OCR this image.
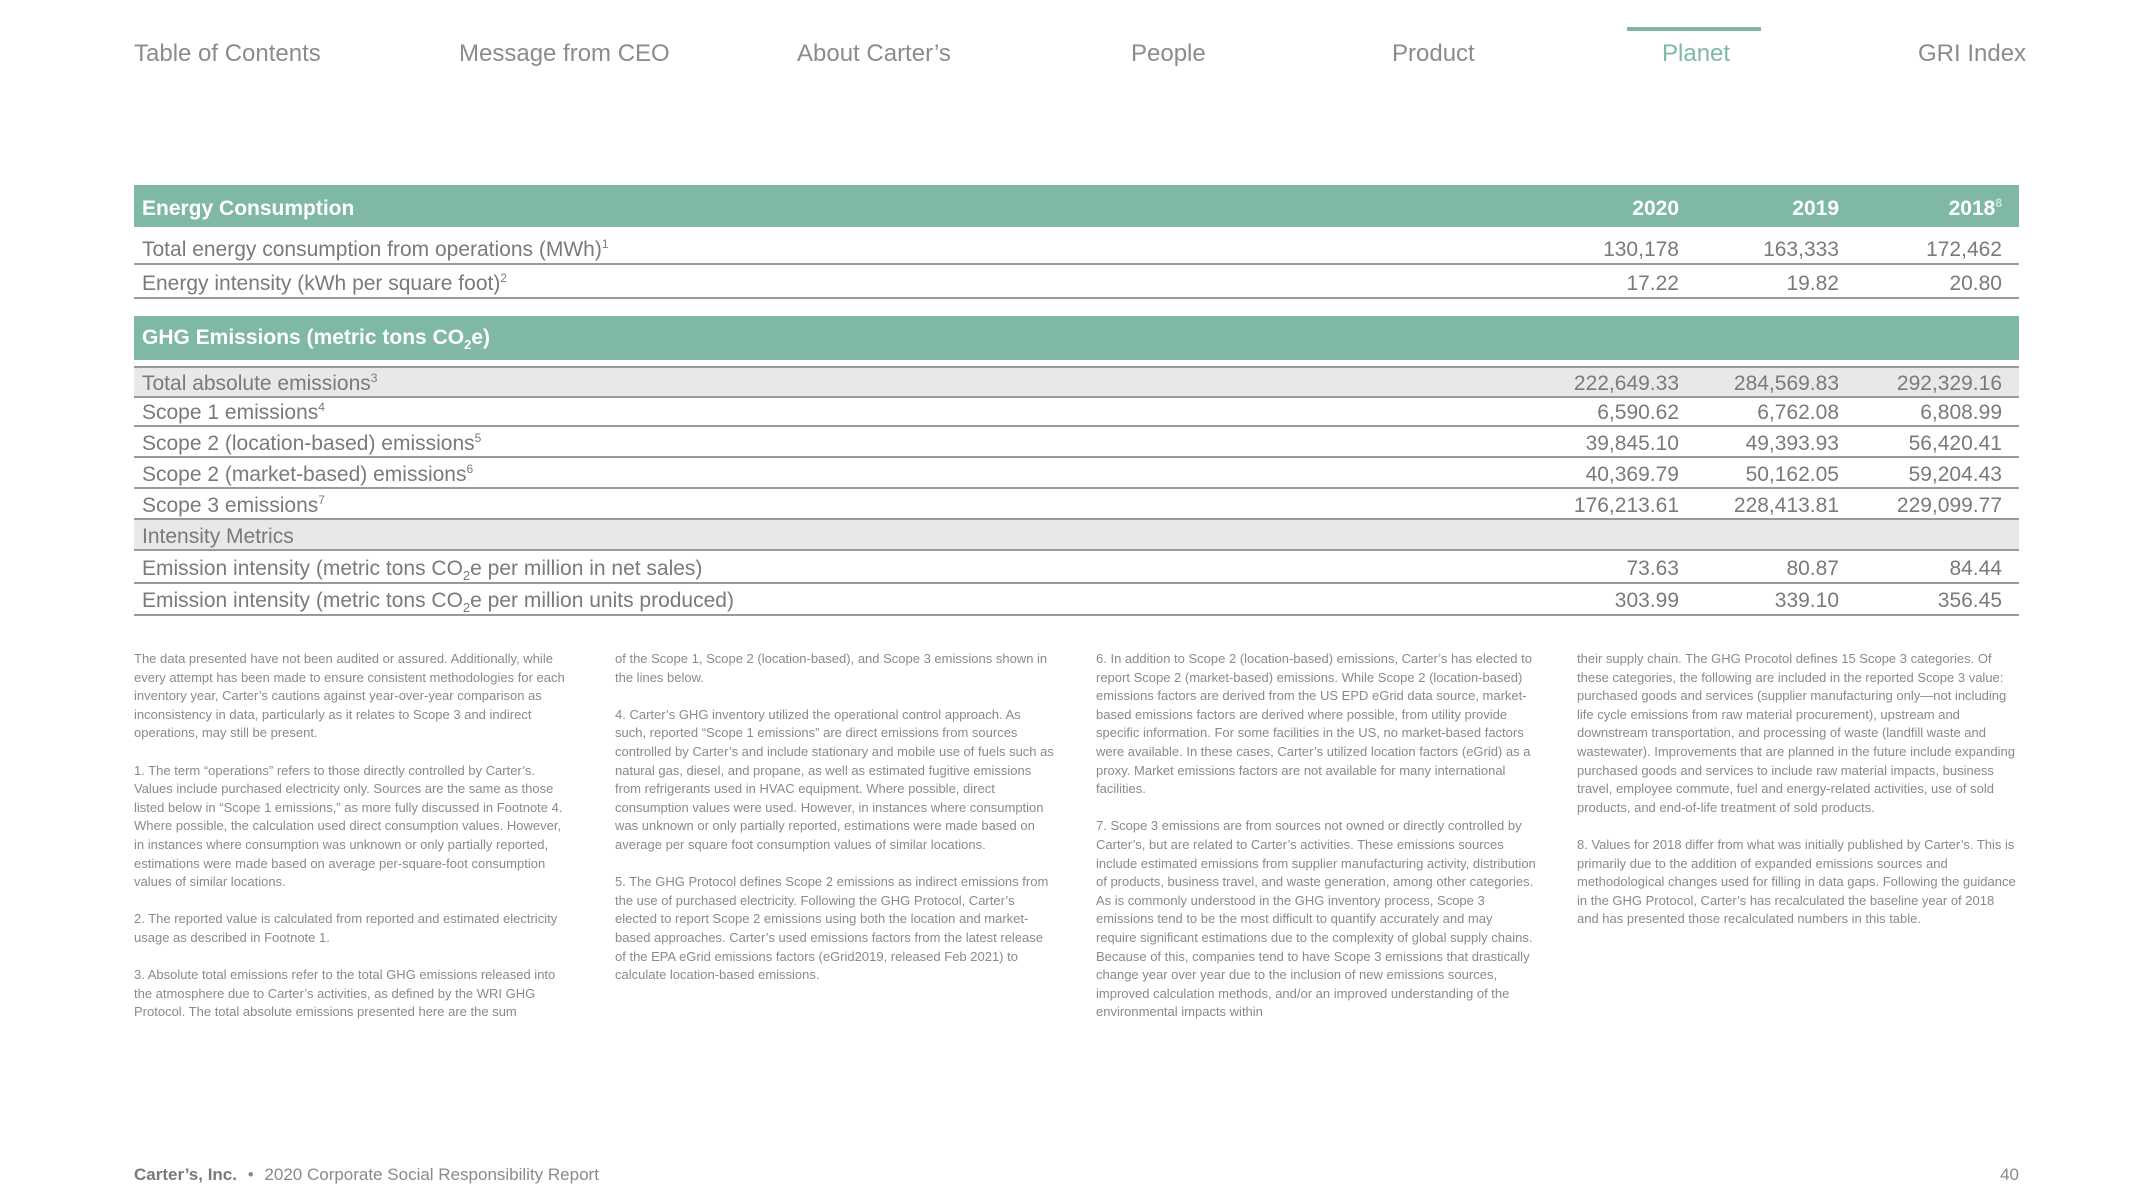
Table of Contents	Message from CEO	About Carter’s	People	Product	Planet	GRI Index
Energy Consumption	2020	2019	2018$^8$
Total energy consumption from operations (MWh)$^1$	130,178	163,333	172,462
Energy intensity (kWh per square foot)$^2$	17.22	19.82	20.80
GHG Emissions (metric tons $CO_2e$)
Total absolute emissions$^3$	222,649.33	284,569.83	292,329.16
Scope 1 emissions$^4$	6,590.62	6,762.08	6,808.99
Scope 2 (location-based) emissions$^5$	39,845.10	49,393.93	56,420.41
Scope 2 (market-based) emissions$^6$	40,369.79	50,162.05	59,204.43
Scope 3 emissions$^7$	176,213.61	228,413.81	229,099.77
Intensity Metrics
Emission intensity (metric tons $CO_2e$ per million in net sales)	73.63	80.87	84.44
Emission intensity (metric tons $CO_2e$ per million units produced)	303.99	339.10	356.45

The data presented have not been audited or assured. Additionally, while every attempt has been made to ensure consistent methodologies for each inventory year, Carter’s cautions against year-over-year comparison as inconsistency in data, particularly as it relates to Scope 3 and indirect operations, may still be present.

1. The term “operations” refers to those directly controlled by Carter’s. Values include purchased electricity only. Sources are the same as those listed below in “Scope 1 emissions,” as more fully discussed in Footnote 4. Where possible, the calculation used direct consumption values. However, in instances where consumption was unknown or only partially reported, estimations were made based on average per-square-foot consumption values of similar locations.

2. The reported value is calculated from reported and estimated electricity usage as described in Footnote 1.

3. Absolute total emissions refer to the total GHG emissions released into the atmosphere due to Carter’s activities, as defined by the WRI GHG Protocol. The total absolute emissions presented here are the sum

of the Scope 1, Scope 2 (location-based), and Scope 3 emissions shown in the lines below.

4. Carter’s GHG inventory utilized the operational control approach. As such, reported “Scope 1 emissions” are direct emissions from sources controlled by Carter’s and include stationary and mobile use of fuels such as natural gas, diesel, and propane, as well as estimated fugitive emissions from refrigerants used in HVAC equipment. Where possible, direct consumption values were used. However, in instances where consumption was unknown or only partially reported, estimations were made based on average per square foot consumption values of similar locations.

5. The GHG Protocol defines Scope 2 emissions as indirect emissions from the use of purchased electricity. Following the GHG Protocol, Carter’s elected to report Scope 2 emissions using both the location and market-based approaches. Carter’s used emissions factors from the latest release of the EPA eGrid emissions factors (eGrid2019, released Feb 2021) to calculate location-based emissions.

6. In addition to Scope 2 (location-based) emissions, Carter’s has elected to report Scope 2 (market-based) emissions. While Scope 2 (location-based) emissions factors are derived from the US EPD eGrid data source, market-based emissions factors are derived where possible, from utility provide specific information. For some facilities in the US, no market-based factors were available. In these cases, Carter’s utilized location factors (eGrid) as a proxy. Market emissions factors are not available for many international facilities.

7. Scope 3 emissions are from sources not owned or directly controlled by Carter’s, but are related to Carter’s activities. These emissions sources include estimated emissions from supplier manufacturing activity, distribution of products, business travel, and waste generation, among other categories. As is commonly understood in the GHG inventory process, Scope 3 emissions tend to be the most difficult to quantify accurately and may require significant estimations due to the complexity of global supply chains. Because of this, companies tend to have Scope 3 emissions that drastically change year over year due to the inclusion of new emissions sources, improved calculation methods, and/or an improved understanding of the environmental impacts within

their supply chain. The GHG Procotol defines 15 Scope 3 categories. Of these categories, the following are included in the reported Scope 3 value: purchased goods and services (supplier manufacturing only—not including life cycle emissions from raw material procurement), upstream and downstream transportation, and processing of waste (landfill waste and wastewater). Improvements that are planned in the future include expanding purchased goods and services to include raw material impacts, business travel, employee commute, fuel and energy-related activities, use of sold products, and end-of-life treatment of sold products.

8. Values for 2018 differ from what was initially published by Carter’s. This is primarily due to the addition of expanded emissions sources and methodological changes used for filling in data gaps. Following the guidance in the GHG Protocol, Carter’s has recalculated the baseline year of 2018 and has presented those recalculated numbers in this table.

Carter’s, Inc. • 2020 Corporate Social Responsibility Report	40
